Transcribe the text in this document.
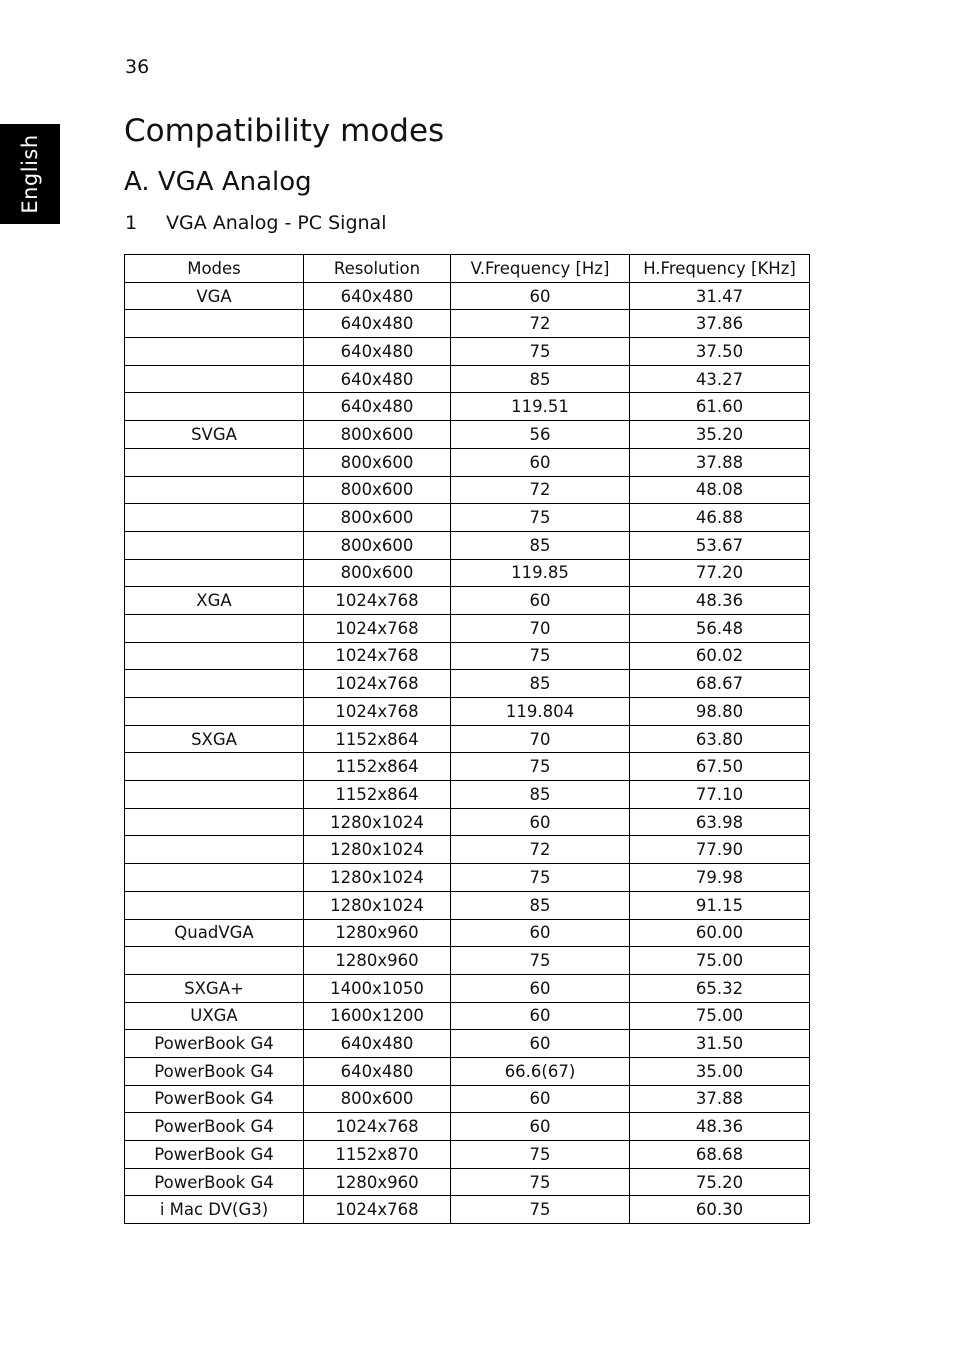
English
36
Compatibility modes
A. VGA Analog
1 VGA Analog - PC Signal
Modes	Resolution	V.Frequency [Hz]	H.Frequency [KHz]
VGA	640x480	60	31.47
	640x480	72	37.86
	640x480	75	37.50
	640x480	85	43.27
	640x480	119.51	61.60
SVGA	800x600	56	35.20
	800x600	60	37.88
	800x600	72	48.08
	800x600	75	46.88
	800x600	85	53.67
	800x600	119.85	77.20
XGA	1024x768	60	48.36
	1024x768	70	56.48
	1024x768	75	60.02
	1024x768	85	68.67
	1024x768	119.804	98.80
SXGA	1152x864	70	63.80
	1152x864	75	67.50
	1152x864	85	77.10
	1280x1024	60	63.98
	1280x1024	72	77.90
	1280x1024	75	79.98
	1280x1024	85	91.15
QuadVGA	1280x960	60	60.00
	1280x960	75	75.00
SXGA+	1400x1050	60	65.32
UXGA	1600x1200	60	75.00
PowerBook G4	640x480	60	31.50
PowerBook G4	640x480	66.6(67)	35.00
PowerBook G4	800x600	60	37.88
PowerBook G4	1024x768	60	48.36
PowerBook G4	1152x870	75	68.68
PowerBook G4	1280x960	75	75.20
i Mac DV(G3)	1024x768	75	60.30
